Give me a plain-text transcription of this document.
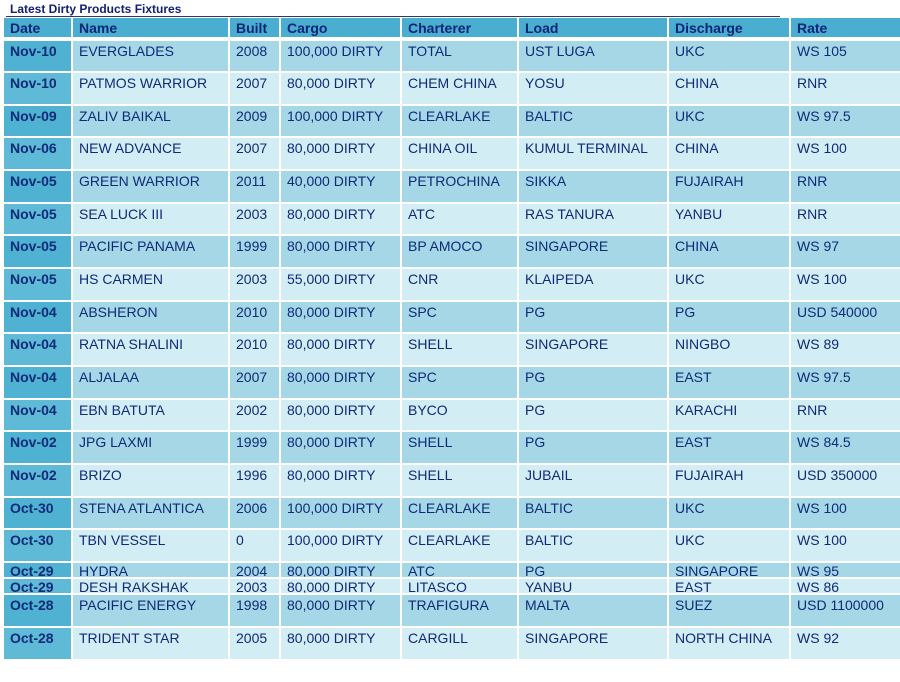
Latest Dirty Products Fixtures
Date	Name	Built	Cargo	Charterer	Load	Discharge	Rate
Nov-10	EVERGLADES	2008	100,000 DIRTY	TOTAL	UST LUGA	UKC	WS 105
Nov-10	PATMOS WARRIOR	2007	80,000 DIRTY	CHEM CHINA	YOSU	CHINA	RNR
Nov-09	ZALIV BAIKAL	2009	100,000 DIRTY	CLEARLAKE	BALTIC	UKC	WS 97.5
Nov-06	NEW ADVANCE	2007	80,000 DIRTY	CHINA OIL	KUMUL TERMINAL	CHINA	WS 100
Nov-05	GREEN WARRIOR	2011	40,000 DIRTY	PETROCHINA	SIKKA	FUJAIRAH	RNR
Nov-05	SEA LUCK III	2003	80,000 DIRTY	ATC	RAS TANURA	YANBU	RNR
Nov-05	PACIFIC PANAMA	1999	80,000 DIRTY	BP AMOCO	SINGAPORE	CHINA	WS 97
Nov-05	HS CARMEN	2003	55,000 DIRTY	CNR	KLAIPEDA	UKC	WS 100
Nov-04	ABSHERON	2010	80,000 DIRTY	SPC	PG	PG	USD 540000
Nov-04	RATNA SHALINI	2010	80,000 DIRTY	SHELL	SINGAPORE	NINGBO	WS 89
Nov-04	ALJALAA	2007	80,000 DIRTY	SPC	PG	EAST	WS 97.5
Nov-04	EBN BATUTA	2002	80,000 DIRTY	BYCO	PG	KARACHI	RNR
Nov-02	JPG LAXMI	1999	80,000 DIRTY	SHELL	PG	EAST	WS 84.5
Nov-02	BRIZO	1996	80,000 DIRTY	SHELL	JUBAIL	FUJAIRAH	USD 350000
Oct-30	STENA ATLANTICA	2006	100,000 DIRTY	CLEARLAKE	BALTIC	UKC	WS 100
Oct-30	TBN VESSEL	0	100,000 DIRTY	CLEARLAKE	BALTIC	UKC	WS 100
Oct-29	HYDRA	2004	80,000 DIRTY	ATC	PG	SINGAPORE	WS 95
Oct-29	DESH RAKSHAK	2003	80,000 DIRTY	LITASCO	YANBU	EAST	WS 86
Oct-28	PACIFIC ENERGY	1998	80,000 DIRTY	TRAFIGURA	MALTA	SUEZ	USD 1100000
Oct-28	TRIDENT STAR	2005	80,000 DIRTY	CARGILL	SINGAPORE	NORTH CHINA	WS 92
